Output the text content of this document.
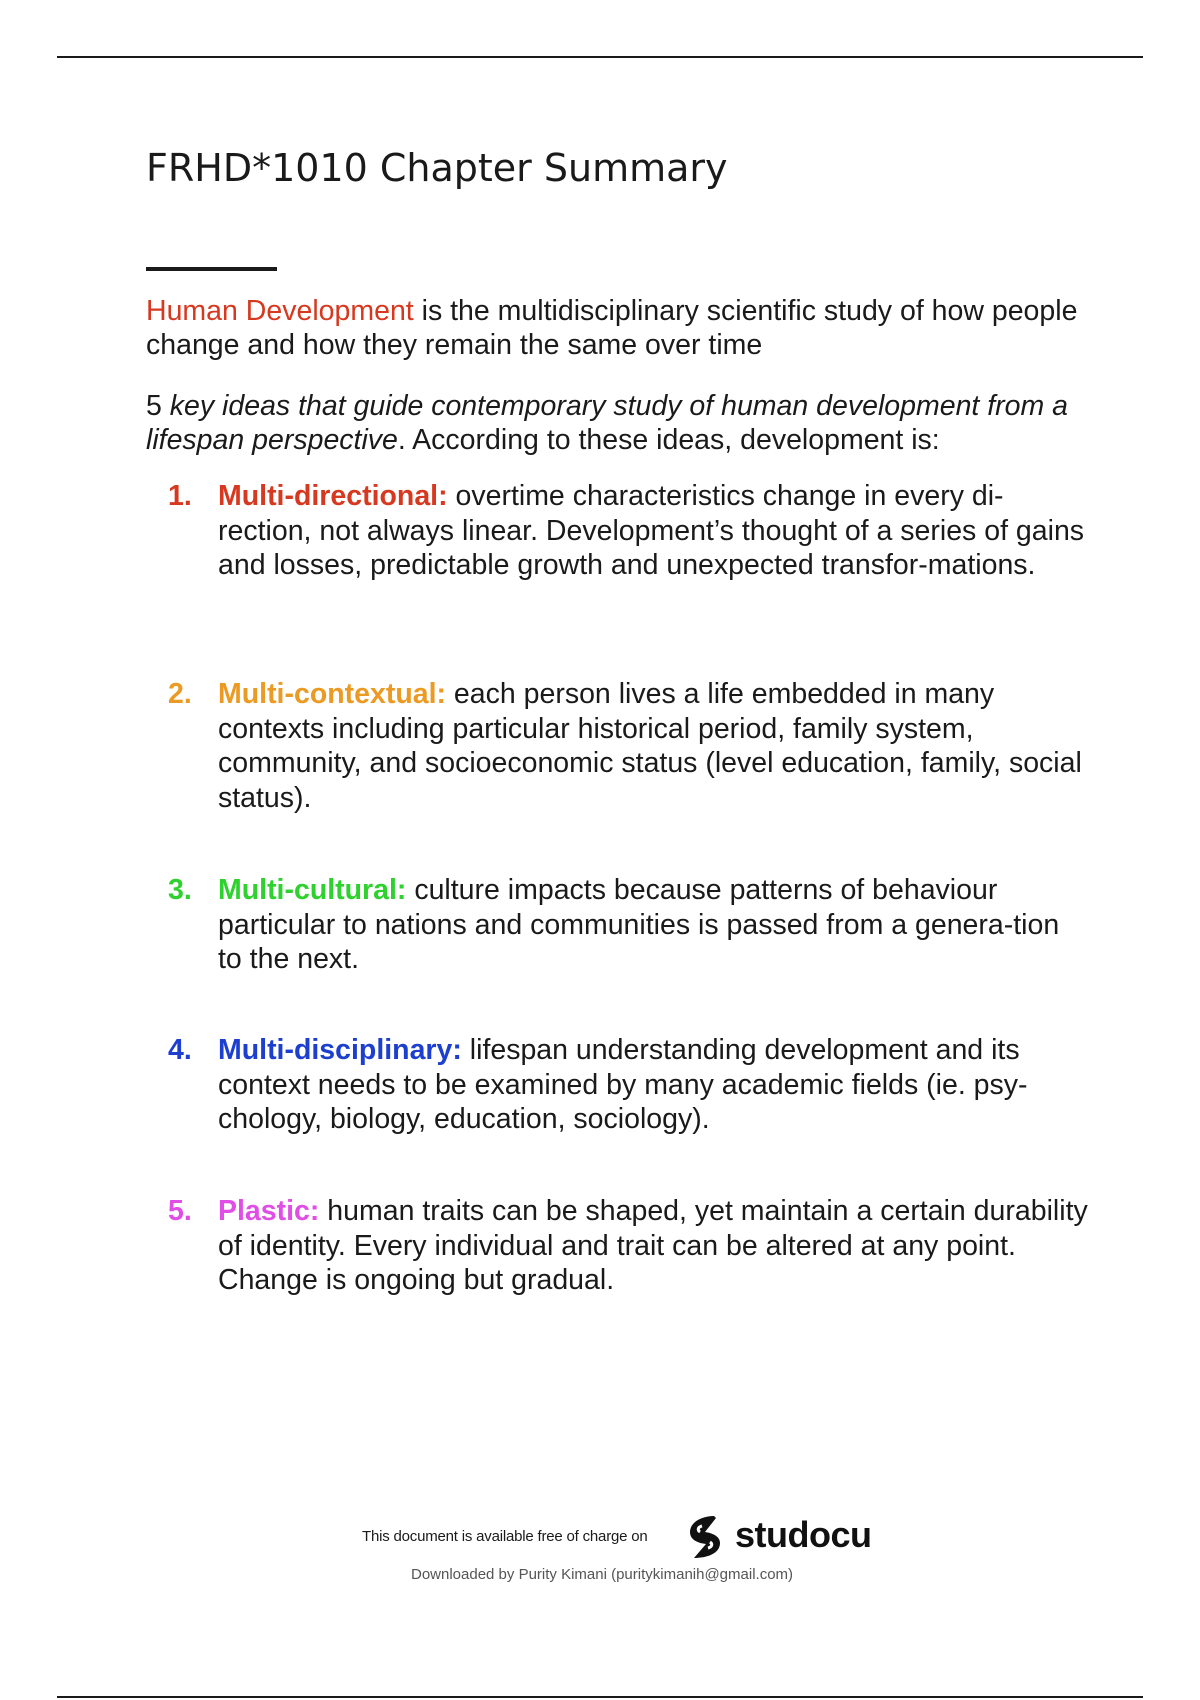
FRHD*1010 Chapter Summary

Human Development is the multidisciplinary scientific study of how people change and how they remain the same over time

5 key ideas that guide contemporary study of human development from a lifespan perspective. According to these ideas, development is:

1. Multi-directional: overtime characteristics change in every di-rection, not always linear. Development’s thought of a series of gains and losses, predictable growth and unexpected transfor-mations.
2. Multi-contextual: each person lives a life embedded in many contexts including particular historical period, family system, community, and socioeconomic status (level education, family, social status).
3. Multi-cultural: culture impacts because patterns of behaviour particular to nations and communities is passed from a genera-tion to the next.
4. Multi-disciplinary: lifespan understanding development and its context needs to be examined by many academic fields (ie. psy-chology, biology, education, sociology).
5. Plastic: human traits can be shaped, yet maintain a certain durability of identity. Every individual and trait can be altered at any point. Change is ongoing but gradual.
This document is available free of charge on studocu
Downloaded by Purity Kimani (puritykimanih@gmail.com)
